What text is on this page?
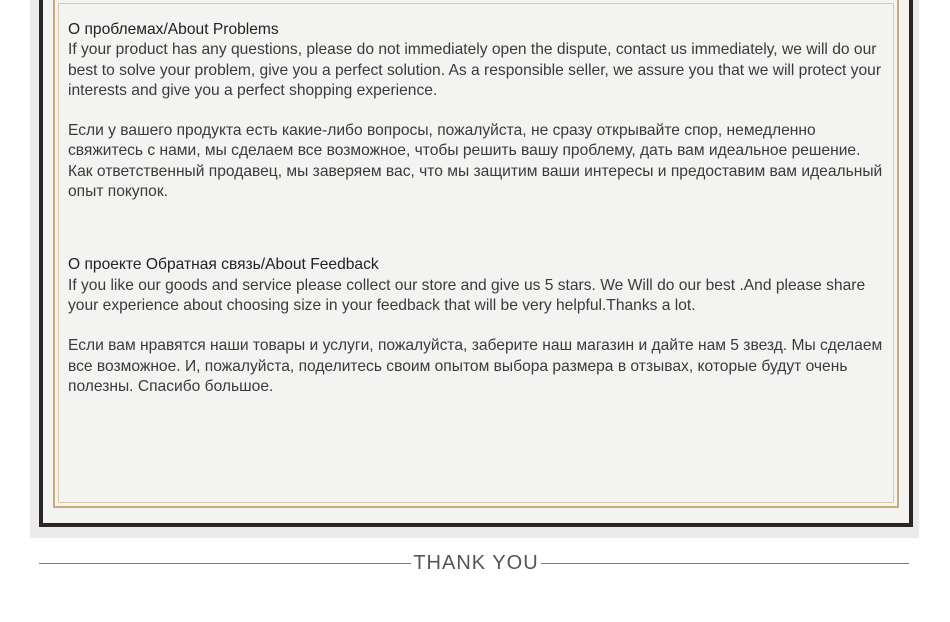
О проблемах/About Problems

If your product has any questions, please do not immediately open the dispute, contact us immediately, we will do our best to solve your problem, give you a perfect solution. As a responsible seller, we assure you that we will protect your interests and give you a perfect shopping experience.

Если у вашего продукта есть какие-либо вопросы, пожалуйста, не сразу открывайте спор, немедленно свяжитесь с нами, мы сделаем все возможное, чтобы решить вашу проблему, дать вам идеальное решение. Как ответственный продавец, мы заверяем вас, что мы защитим ваши интересы и предоставим вам идеальный опыт покупок.

О проекте Обратная связь/About Feedback

If you like our goods and service please collect our store and give us 5 stars. We Will do our best .And please share your experience about choosing size in your feedback that will be very helpful.Thanks a lot.

Если вам нравятся наши товары и услуги, пожалуйста, заберите наш магазин и дайте нам 5 звезд. Мы сделаем все возможное. И, пожалуйста, поделитесь своим опытом выбора размера в отзывах, которые будут очень полезны. Спасибо большое.

THANK YOU
